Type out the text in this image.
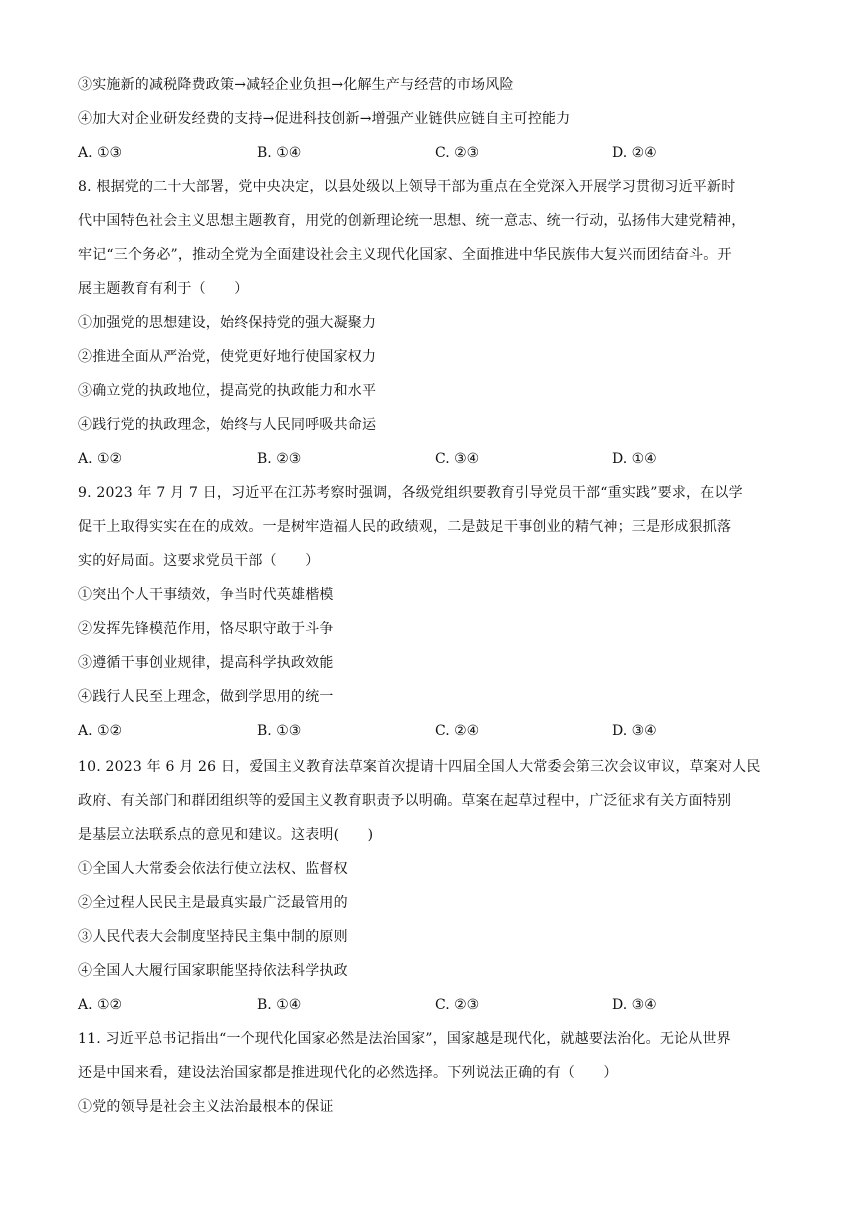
③实施新的减税降费政策→减轻企业负担→化解生产与经营的市场风险
④加大对企业研发经费的支持→促进科技创新→增强产业链供应链自主可控能力
A. ①③	B. ①④	C. ②③	D. ②④
8. 根据党的二十大部署，党中央决定，以县处级以上领导干部为重点在全党深入开展学习贯彻习近平新时
代中国特色社会主义思想主题教育，用党的创新理论统一思想、统一意志、统一行动，弘扬伟大建党精神，
牢记“三个务必”，推动全党为全面建设社会主义现代化国家、全面推进中华民族伟大复兴而团结奋斗。开
展主题教育有利于（　　）
①加强党的思想建设，始终保持党的强大凝聚力
②推进全面从严治党，使党更好地行使国家权力
③确立党的执政地位，提高党的执政能力和水平
④践行党的执政理念，始终与人民同呼吸共命运
A. ①②	B. ②③	C. ③④	D. ①④
9. 2023 年 7 月 7 日，习近平在江苏考察时强调，各级党组织要教育引导党员干部“重实践”要求，在以学
促干上取得实实在在的成效。一是树牢造福人民的政绩观，二是鼓足干事创业的精气神；三是形成狠抓落
实的好局面。这要求党员干部（　　）
①突出个人干事绩效，争当时代英雄楷模
②发挥先锋模范作用，恪尽职守敢于斗争
③遵循干事创业规律，提高科学执政效能
④践行人民至上理念，做到学思用的统一
A. ①②	B. ①③	C. ②④	D. ③④
10. 2023 年 6 月 26 日，爱国主义教育法草案首次提请十四届全国人大常委会第三次会议审议，草案对人民
政府、有关部门和群团组织等的爱国主义教育职责予以明确。草案在起草过程中，广泛征求有关方面特别
是基层立法联系点的意见和建议。这表明(　　)
①全国人大常委会依法行使立法权、监督权
②全过程人民民主是最真实最广泛最管用的
③人民代表大会制度坚持民主集中制的原则
④全国人大履行国家职能坚持依法科学执政
A. ①②	B. ①④	C. ②③	D. ③④
11. 习近平总书记指出“一个现代化国家必然是法治国家”，国家越是现代化，就越要法治化。无论从世界
还是中国来看，建设法治国家都是推进现代化的必然选择。下列说法正确的有（　　）
①党的领导是社会主义法治最根本的保证
